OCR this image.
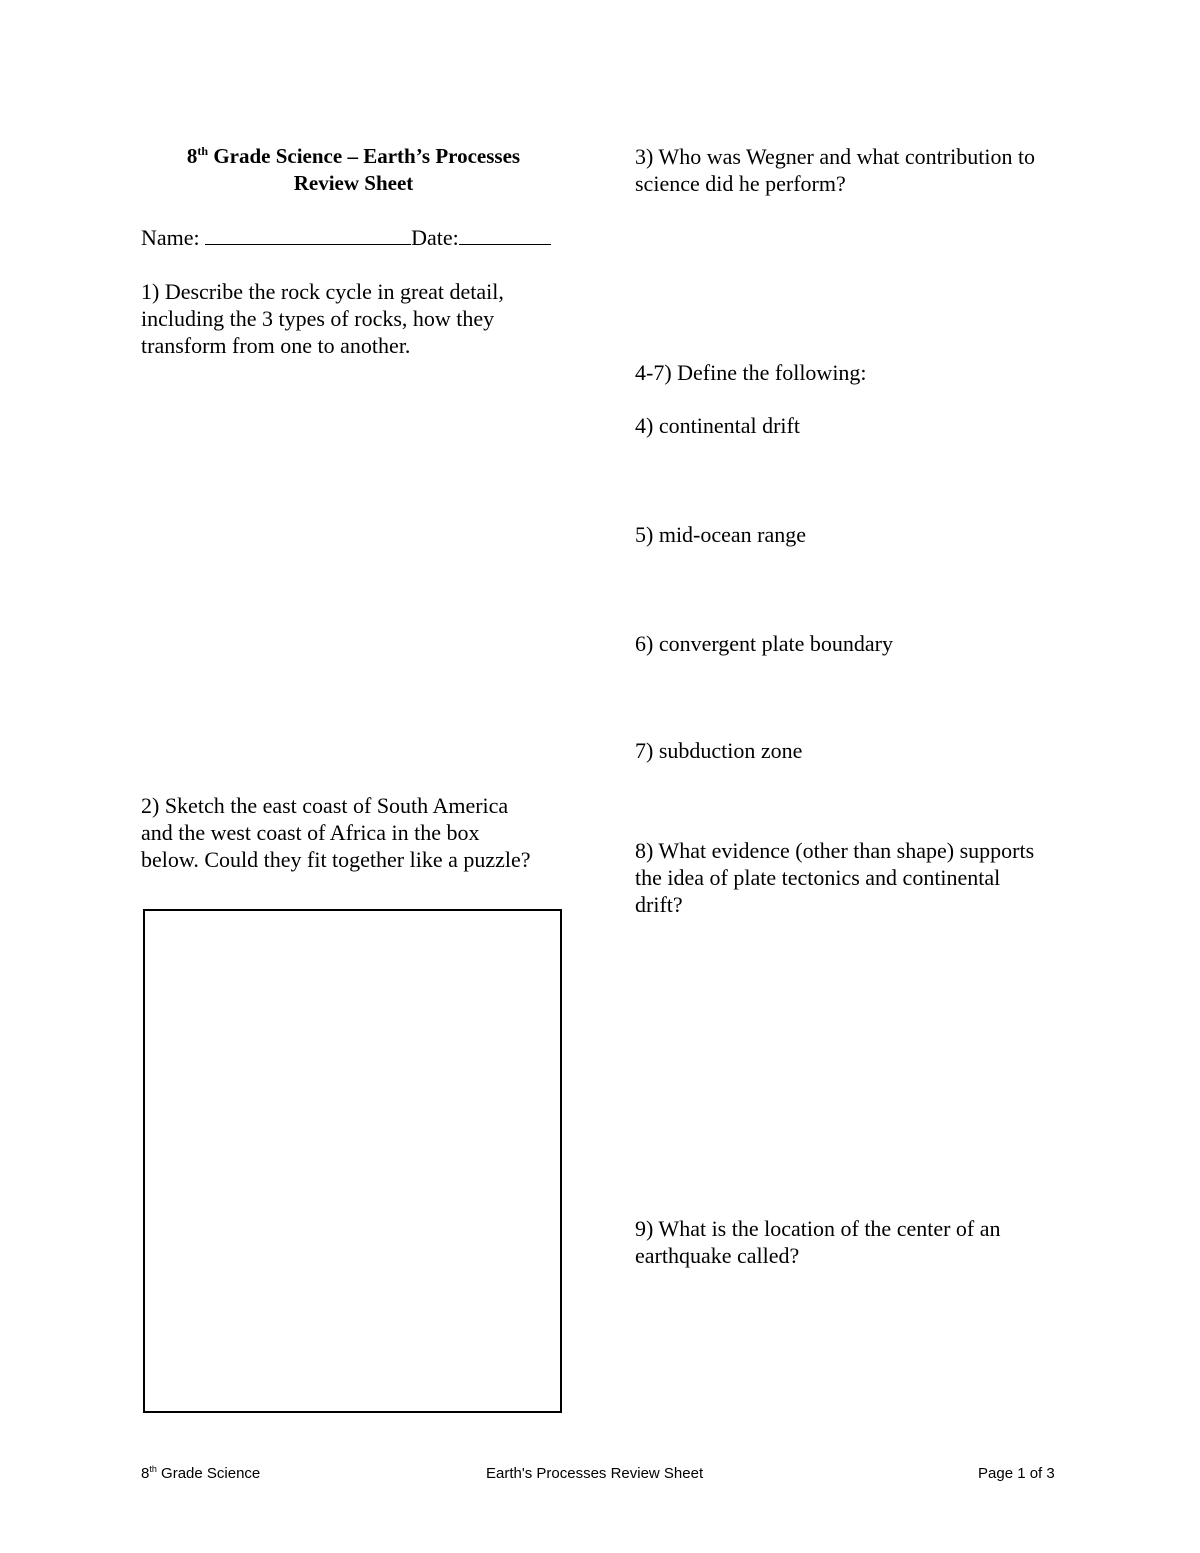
8th Grade Science – Earth’s Processes
Review Sheet
Name:	Date:
1) Describe the rock cycle in great detail, including the 3 types of rocks, how they transform from one to another.
2) Sketch the east coast of South America and the west coast of Africa in the box below. Could they fit together like a puzzle?
3) Who was Wegner and what contribution to science did he perform?
4-7) Define the following:
4) continental drift
5) mid-ocean range
6) convergent plate boundary
7) subduction zone
8) What evidence (other than shape) supports the idea of plate tectonics and continental drift?
9) What is the location of the center of an earthquake called?
8th Grade Science	Earth's Processes Review Sheet	Page 1 of 3
